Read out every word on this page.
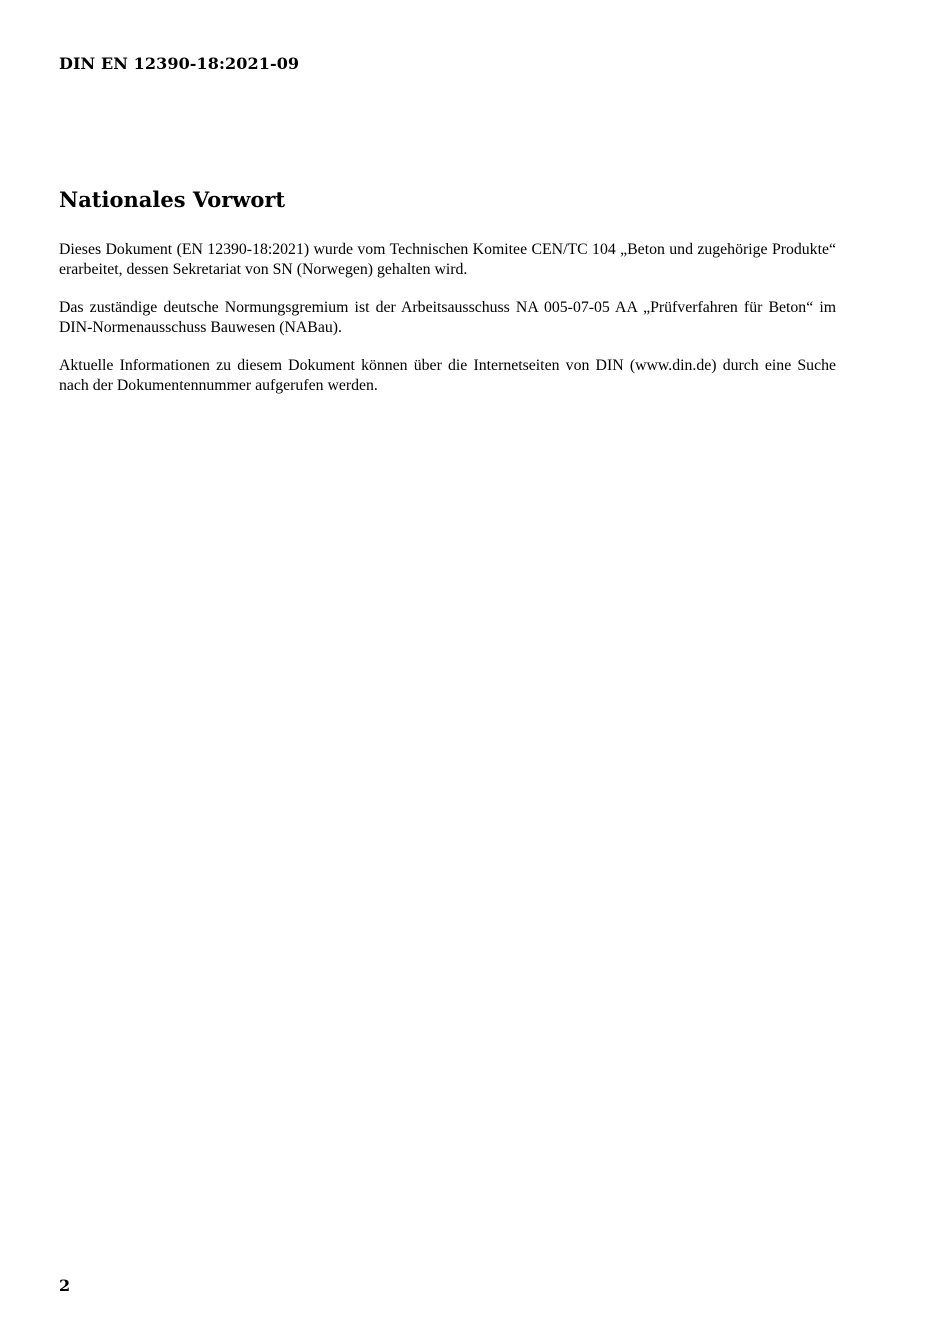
DIN EN 12390-18:2021-09
Nationales Vorwort

Dieses Dokument (EN 12390-18:2021) wurde vom Technischen Komitee CEN/TC 104 „Beton und zugehörige Produkte“ erarbeitet, dessen Sekretariat von SN (Norwegen) gehalten wird.

Das zuständige deutsche Normungsgremium ist der Arbeitsausschuss NA 005-07-05 AA „Prüfverfahren für Beton“ im DIN-Normenausschuss Bauwesen (NABau).

Aktuelle Informationen zu diesem Dokument können über die Internetseiten von DIN (www.din.de) durch eine Suche nach der Dokumentennummer aufgerufen werden.

2
